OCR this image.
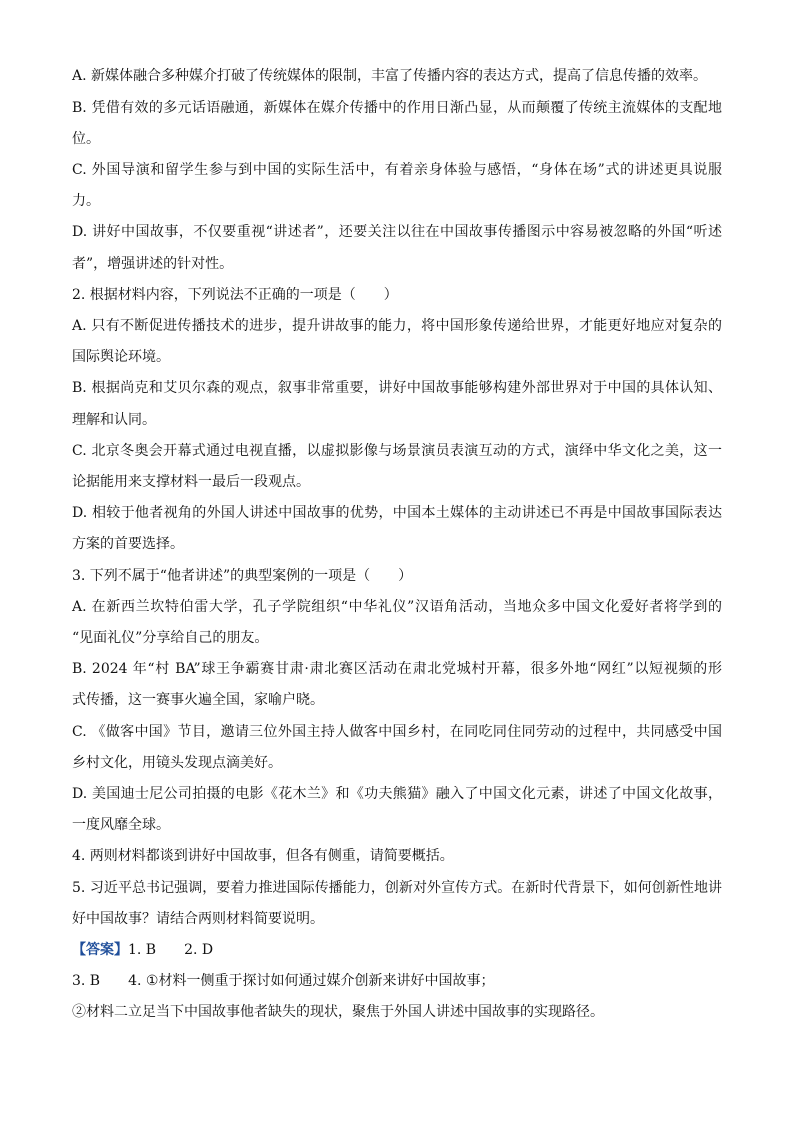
A. 新媒体融合多种媒介打破了传统媒体的限制，丰富了传播内容的表达方式，提高了信息传播的效率。
B. 凭借有效的多元话语融通，新媒体在媒介传播中的作用日渐凸显，从而颠覆了传统主流媒体的支配地
位。
C. 外国导演和留学生参与到中国的实际生活中，有着亲身体验与感悟，“身体在场”式的讲述更具说服
力。
D. 讲好中国故事，不仅要重视“讲述者”，还要关注以往在中国故事传播图示中容易被忽略的外国“听述
者”，增强讲述的针对性。
2. 根据材料内容，下列说法不正确的一项是（　　）
A. 只有不断促进传播技术的进步，提升讲故事的能力，将中国形象传递给世界，才能更好地应对复杂的
国际舆论环境。
B. 根据尚克和艾贝尔森的观点，叙事非常重要，讲好中国故事能够构建外部世界对于中国的具体认知、
理解和认同。
C. 北京冬奥会开幕式通过电视直播，以虚拟影像与场景演员表演互动的方式，演绎中华文化之美，这一
论据能用来支撑材料一最后一段观点。
D. 相较于他者视角的外国人讲述中国故事的优势，中国本土媒体的主动讲述已不再是中国故事国际表达
方案的首要选择。
3. 下列不属于“他者讲述”的典型案例的一项是（　　）
A. 在新西兰坎特伯雷大学，孔子学院组织“中华礼仪”汉语角活动，当地众多中国文化爱好者将学到的
“见面礼仪”分享给自己的朋友。
B. 2024 年“村 BA”球王争霸赛甘肃·肃北赛区活动在肃北党城村开幕，很多外地“网红”以短视频的形
式传播，这一赛事火遍全国，家喻户晓。
C. 《做客中国》节目，邀请三位外国主持人做客中国乡村，在同吃同住同劳动的过程中，共同感受中国
乡村文化，用镜头发现点滴美好。
D. 美国迪士尼公司拍摄的电影《花木兰》和《功夫熊猫》融入了中国文化元素，讲述了中国文化故事，
一度风靡全球。
4. 两则材料都谈到讲好中国故事，但各有侧重，请简要概括。
5. 习近平总书记强调，要着力推进国际传播能力，创新对外宣传方式。在新时代背景下，如何创新性地讲
好中国故事？请结合两则材料简要说明。
【答案】1. B 2. D
3. B 4. ①材料一侧重于探讨如何通过媒介创新来讲好中国故事；
②材料二立足当下中国故事他者缺失的现状，聚焦于外国人讲述中国故事的实现路径。
